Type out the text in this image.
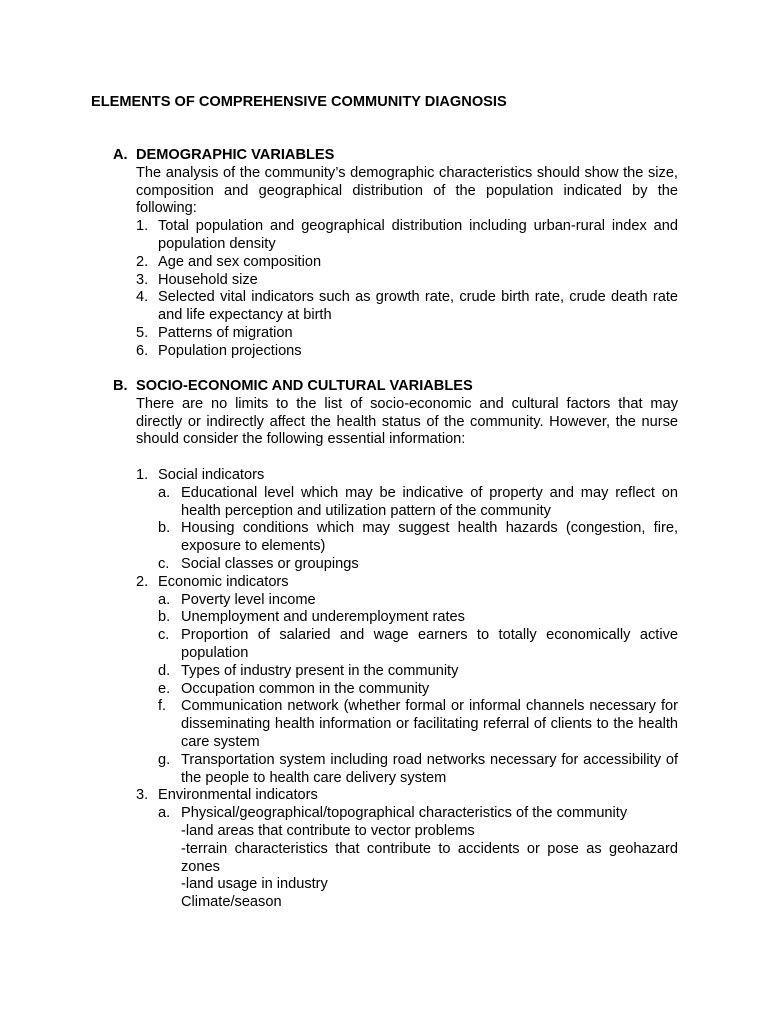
ELEMENTS OF COMPREHENSIVE COMMUNITY DIAGNOSIS
A. DEMOGRAPHIC VARIABLES

The analysis of the community’s demographic characteristics should show the size, composition and geographical distribution of the population indicated by the following:

1. Total population and geographical distribution including urban-rural index and population density
2. Age and sex composition
3. Household size
4. Selected vital indicators such as growth rate, crude birth rate, crude death rate and life expectancy at birth
5. Patterns of migration
6. Population projections
B. SOCIO-ECONOMIC AND CULTURAL VARIABLES

There are no limits to the list of socio-economic and cultural factors that may directly or indirectly affect the health status of the community. However, the nurse should consider the following essential information:

1. Social indicators
a. Educational level which may be indicative of property and may reflect on health perception and utilization pattern of the community
b. Housing conditions which may suggest health hazards (congestion, fire, exposure to elements)
c. Social classes or groupings
2. Economic indicators
a. Poverty level income
b. Unemployment and underemployment rates
c. Proportion of salaried and wage earners to totally economically active population
d. Types of industry present in the community
e. Occupation common in the community
f.	Communication network (whether formal or informal channels necessary for disseminating health information or facilitating referral of clients to the health care system
g. Transportation system including road networks necessary for accessibility of the people to health care delivery system
3. Environmental indicators
a. Physical/geographical/topographical characteristics of the community

-land areas that contribute to vector problems

-terrain characteristics that contribute to accidents or pose as geohazard zones

-land usage in industry

Climate/season
